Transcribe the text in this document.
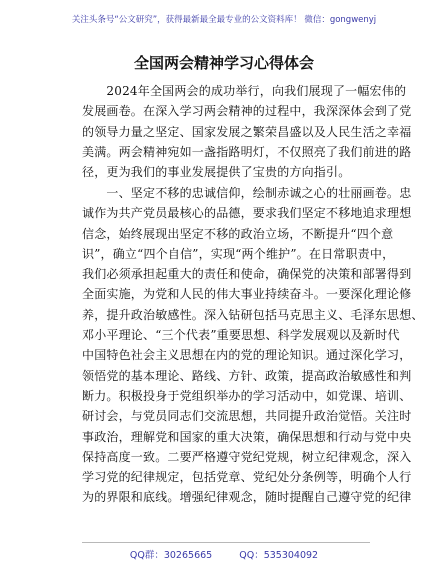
关注头条号“公文研究”，获得最新最全最专业的公文资料库！ 微信：gongwenyj
全国两会精神学习心得体会
　　2024年全国两会的成功举行，向我们展现了一幅宏伟的
发展画卷。在深入学习两会精神的过程中，我深深体会到了党
的领导力量之坚定、国家发展之繁荣昌盛以及人民生活之幸福
美满。两会精神宛如一盏指路明灯，不仅照亮了我们前进的路
径，更为我们的事业发展提供了宝贵的方向指引。
　　一、坚定不移的忠诚信仰，绘制赤诚之心的壮丽画卷。忠
诚作为共产党员最核心的品德，要求我们坚定不移地追求理想
信念，始终展现出坚定不移的政治立场，不断提升“四个意
识”，确立“四个自信”，实现“两个维护”。在日常职责中，
我们必须承担起重大的责任和使命，确保党的决策和部署得到
全面实施，为党和人民的伟大事业持续奋斗。一要深化理论修
养，提升政治敏感性。深入钻研包括马克思主义、毛泽东思想、
邓小平理论、“三个代表”重要思想、科学发展观以及新时代
中国特色社会主义思想在内的党的理论知识。通过深化学习，
领悟党的基本理论、路线、方针、政策，提高政治敏感性和判
断力。积极投身于党组织举办的学习活动中，如党课、培训、
研讨会，与党员同志们交流思想，共同提升政治觉悟。关注时
事政治，理解党和国家的重大决策，确保思想和行动与党中央
保持高度一致。二要严格遵守党纪党规，树立纪律观念，深入
学习党的纪律规定，包括党章、党纪处分条例等，明确个人行
为的界限和底线。增强纪律观念，随时提醒自己遵守党的纪律
QQ群：30265665	QQ：535304092
